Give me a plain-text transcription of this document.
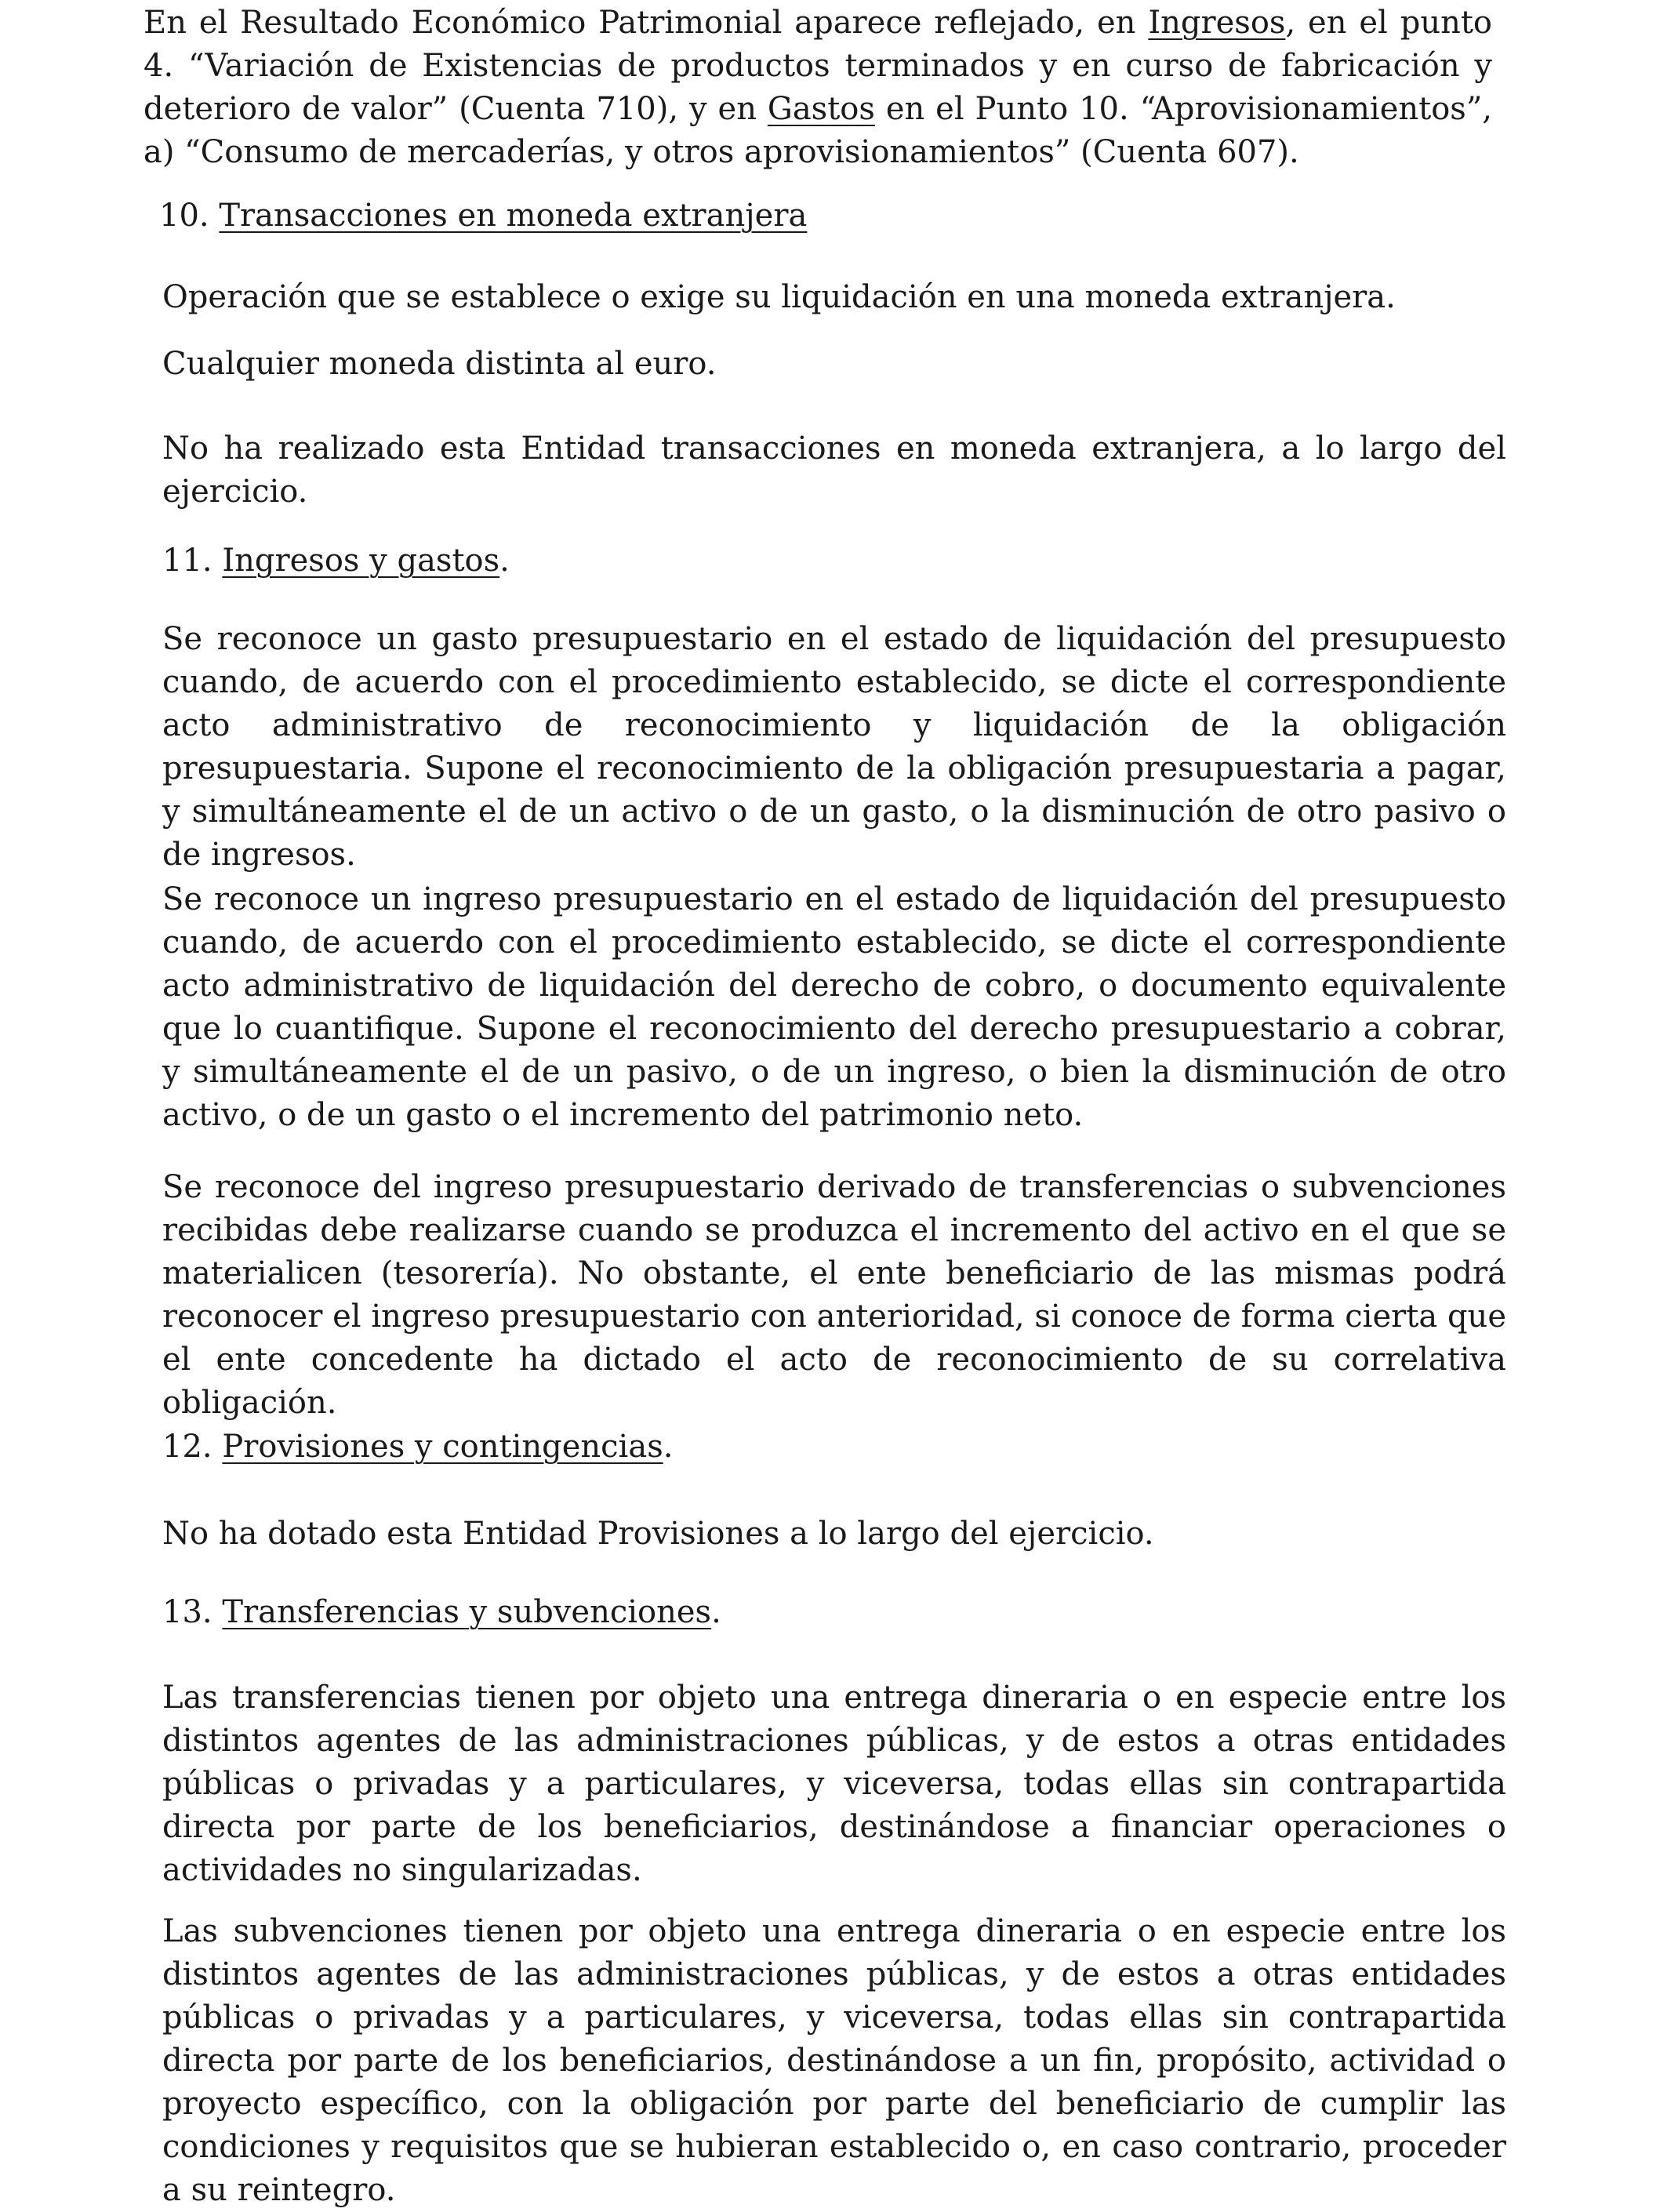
En el Resultado Económico Patrimonial aparece reflejado, en Ingresos, en el punto 4. “Variación de Existencias de productos terminados y en curso de fabricación y deterioro de valor” (Cuenta 710), y en Gastos en el Punto 10. “Aprovisionamientos”, a) “Consumo de mercaderías, y otros aprovisionamientos” (Cuenta 607).

10. Transacciones en moneda extranjera

Operación que se establece o exige su liquidación en una moneda extranjera.

Cualquier moneda distinta al euro.

No ha realizado esta Entidad transacciones en moneda extranjera, a lo largo del ejercicio.

11. Ingresos y gastos.

Se reconoce un gasto presupuestario en el estado de liquidación del presupuesto cuando, de acuerdo con el procedimiento establecido, se dicte el correspondiente acto administrativo de reconocimiento y liquidación de la obligación presupuestaria. Supone el reconocimiento de la obligación presupuestaria a pagar, y simultáneamente el de un activo o de un gasto, o la disminución de otro pasivo o de ingresos.

Se reconoce un ingreso presupuestario en el estado de liquidación del presupuesto cuando, de acuerdo con el procedimiento establecido, se dicte el correspondiente acto administrativo de liquidación del derecho de cobro, o documento equivalente que lo cuantifique. Supone el reconocimiento del derecho presupuestario a cobrar, y simultáneamente el de un pasivo, o de un ingreso, o bien la disminución de otro activo, o de un gasto o el incremento del patrimonio neto.

Se reconoce del ingreso presupuestario derivado de transferencias o subvenciones recibidas debe realizarse cuando se produzca el incremento del activo en el que se materialicen (tesorería). No obstante, el ente beneficiario de las mismas podrá reconocer el ingreso presupuestario con anterioridad, si conoce de forma cierta que el ente concedente ha dictado el acto de reconocimiento de su correlativa obligación.

12. Provisiones y contingencias.

No ha dotado esta Entidad Provisiones a lo largo del ejercicio.

13. Transferencias y subvenciones.

Las transferencias tienen por objeto una entrega dineraria o en especie entre los distintos agentes de las administraciones públicas, y de estos a otras entidades públicas o privadas y a particulares, y viceversa, todas ellas sin contrapartida directa por parte de los beneficiarios, destinándose a financiar operaciones o actividades no singularizadas.

Las subvenciones tienen por objeto una entrega dineraria o en especie entre los distintos agentes de las administraciones públicas, y de estos a otras entidades públicas o privadas y a particulares, y viceversa, todas ellas sin contrapartida directa por parte de los beneficiarios, destinándose a un fin, propósito, actividad o proyecto específico, con la obligación por parte del beneficiario de cumplir las condiciones y requisitos que se hubieran establecido o, en caso contrario, proceder a su reintegro.
